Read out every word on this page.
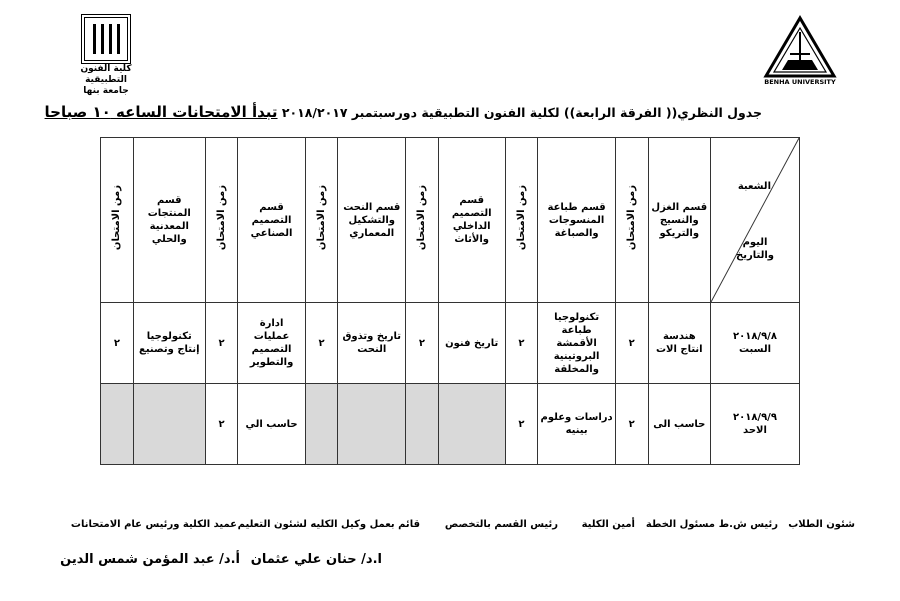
كلية الفنون التطبيقية
جامعة بنها
BENHA UNIVERSITY
جدول النظري(( الفرقة الرابعة)) لكلية الفنون التطبيقية دورسبتمبر ٢٠١٨/٢٠١٧ تبدأ الامتحانات الساعه ١٠ صباحا
الشعبة
اليوم والتاريخ	قسم الغزل والنسيج والتريكو	زمن الامتحان	قسم طباعة المنسوجات والصباغة	زمن الامتحان	قسم التصميم الداخلي والأثاث	زمن الامتحان	قسم النحت والتشكيل المعماري	زمن الامتحان	قسم التصميم الصناعي	زمن الامتحان	قسم المنتجات المعدنية والحلي	زمن الامتحان

٢٠١٨/٩/٨
السبت	هندسة انتاج الات	٢	تكنولوجيا طباعة الأقمشة البروتينية والمخلقة	٢	تاريخ فنون	٢	تاريخ وتذوق النحت	٢	ادارة عمليات التصميم والتطوير	٢	تكنولوجيا إنتاج وتصنيع	٢

٢٠١٨/٩/٩
الاحد	حاسب الى	٢	دراسات وعلوم بينيه	٢					حاسب الي	٢		
شئون الطلاب
رئيس ش.ط
مسئول الخطة
أمين الكلية
رئيس القسم بالتخصص
قائم بعمل وكيل الكليه لشئون التعليم
عميد الكلية ورئيس عام الامتحانات
ا.د/ حنان علي عثمان
أ.د/ عبد المؤمن شمس الدين
